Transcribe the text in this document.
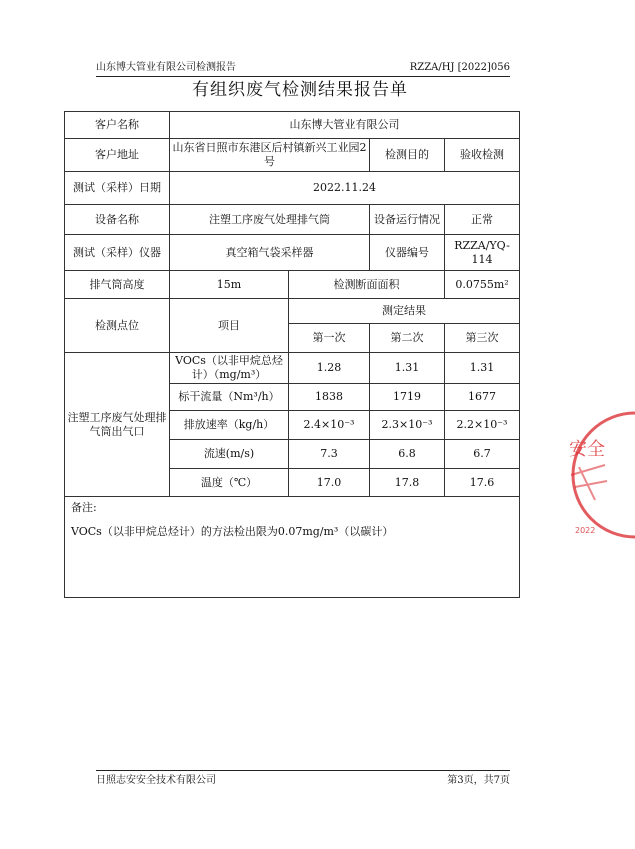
山东博大管业有限公司检测报告	RZZA/HJ [2022]056
有组织废气检测结果报告单
客户名称	山东博大管业有限公司			
客户地址	山东省日照市东港区后村镇新兴工业园2号		检测目的	验收检测
测试（采样）日期	2022.11.24			
设备名称	注塑工序废气处理排气筒		设备运行情况	正常
测试（采样）仪器	真空箱气袋采样器		仪器编号	RZZA/YQ-114
排气筒高度	15m	检测断面面积		0.0755m²
检测点位	项目	测定结果		
		第一次	第二次	第三次
注塑工序废气处理排气筒出气口	VOCs（以非甲烷总烃计）（mg/m³）	1.28	1.31	1.31
	标干流量（Nm³/h）	1838	1719	1677
	排放速率（kg/h）	2.4×10⁻³	2.3×10⁻³	2.2×10⁻³
	流速(m/s)	7.3	6.8	6.7
	温度（℃）	17.0	17.8	17.6

备注:
VOCs（以非甲烷总烃计）的方法检出限为0.07mg/m³（以碳计）				
安全
2022
日照志安安全技术有限公司	第3页，共7页
